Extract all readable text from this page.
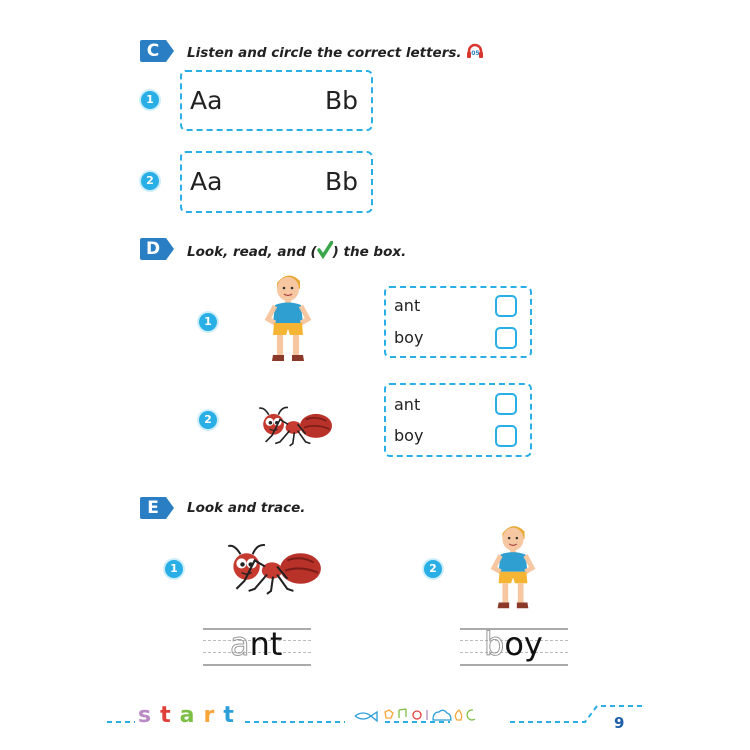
C	Listen and circle the correct letters. 05
1 Aa	Bb
2 Aa	Bb
D	Look, read, and ( ) the box.
1
ant
boy
2
ant
boy
E	Look and trace.
1
ant
2
boy
s t a r t	9
